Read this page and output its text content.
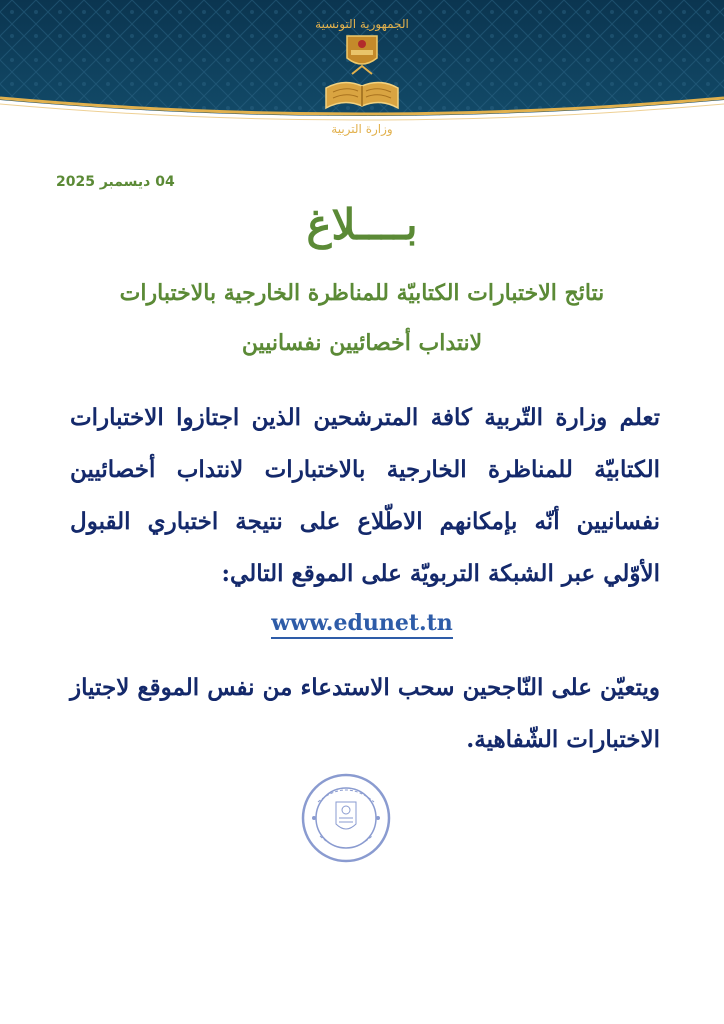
الجمهورية التونسية
وزارة التربية
04 ديسمبر 2025
بــــلاغ
نتائج الاختبارات الكتابيّة للمناظرة الخارجية بالاختبارات
لانتداب أخصائيين نفسانيين
تعلم وزارة التّربية كافة المترشحين الذين اجتازوا الاختبارات الكتابيّة للمناظرة الخارجية بالاختبارات لانتداب أخصائيين نفسانيين أنّه بإمكانهم الاطّلاع على نتيجة اختباري القبول الأوّلي عبر الشبكة التربويّة على الموقع التالي:
www.edunet.tn
ويتعيّن على النّاجحين سحب الاستدعاء من نفس الموقع لاجتياز الاختبارات الشّفاهية.
